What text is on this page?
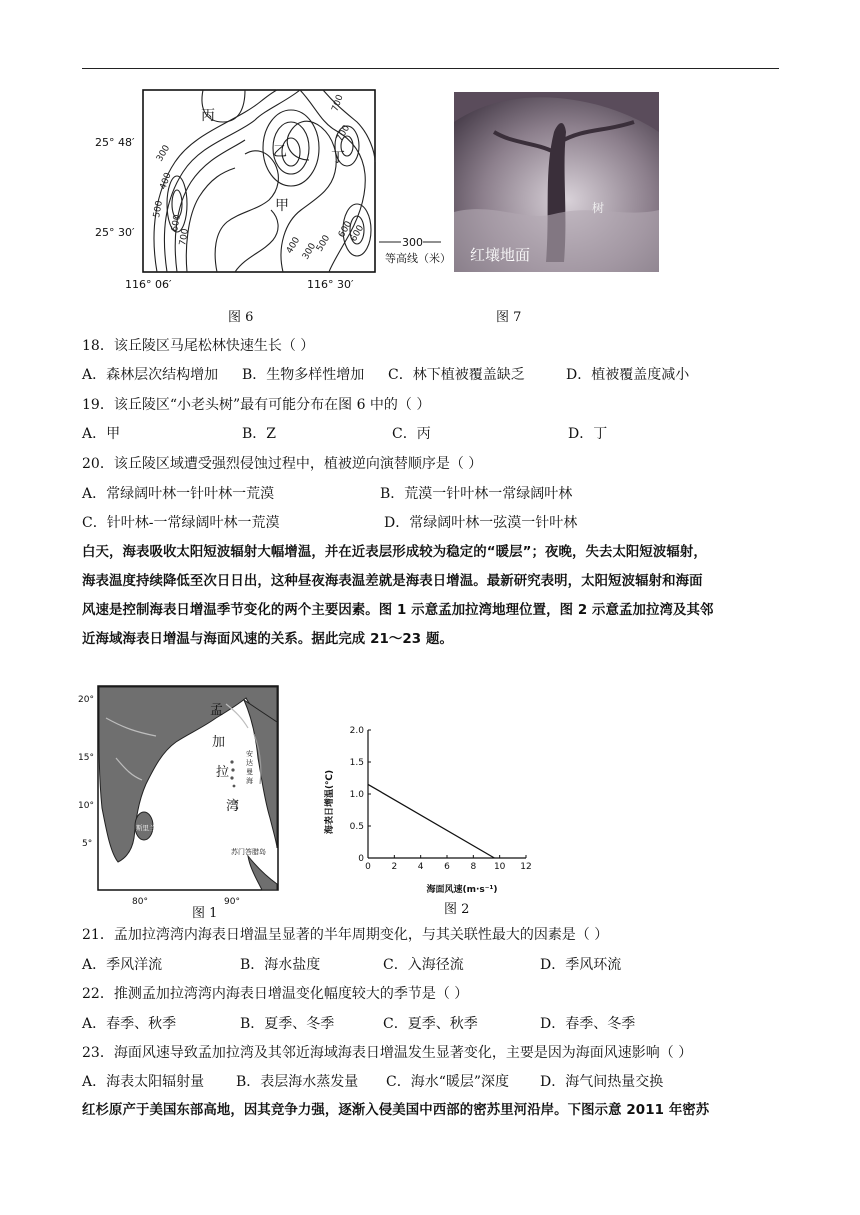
300
400
500
600
700
700
300
400 500
600
600
700
丙
乙	丁
甲
25° 48′
25° 30′
116° 06′	116° 30′
300
等高线（米）
图 6
树
红壤地面
图 7
18．该丘陵区马尾松林快速生长（ ）
A．森林层次结构增加 B．生物多样性增加 C．林下植被覆盖缺乏	D．植被覆盖度减小
19．该丘陵区“小老头树”最有可能分布在图 6 中的（ ）
A．甲	B．Z	C．丙	D．丁
20．该丘陵区域遭受强烈侵蚀过程中，植被逆向演替顺序是（ ）
A．常绿阔叶林一针叶林一荒漠	B．荒漠一针叶林一常绿阔叶林
C．针叶林-一常绿阔叶林一荒漠	D．常绿阔叶林一弦漠一针叶林
白天，海表吸收太阳短波辐射大幅增温，并在近表层形成较为稳定的“暖层”；夜晚，失去太阳短波辐射，
海表温度持续降低至次日日出，这种昼夜海表温差就是海表日增温。最新研究表明，太阳短波辐射和海面
风速是控制海表日增温季节变化的两个主要因素。图 1 示意孟加拉湾地理位置，图 2 示意孟加拉湾及其邻
近海域海表日增温与海面风速的关系。据此完成 21～23 题。
20°
15°
10°
5°
80°	90°
孟
加
拉
湾
安
达
曼
海
斯里兰卡
苏门答腊岛
图 1
0 2 4 6 8 10 12
0
0.5
1.0
1.5
2.0
海面风速(m·s⁻¹)
海表日增温(℃)
图 2
21．孟加拉湾湾内海表日增温呈显著的半年周期变化，与其关联性最大的因素是（ ）
A．季风洋流	B．海水盐度	C．入海径流	D．季风环流
22．推测孟加拉湾湾内海表日增温变化幅度较大的季节是（ ）
A．春季、秋季	B．夏季、冬季	C．夏季、秋季	D．春季、冬季
23．海面风速导致孟加拉湾及其邻近海域海表日增温发生显著变化，主要是因为海面风速影响（ ）
A．海表太阳辐射量 B．表层海水蒸发量 C．海水“暖层”深度 D．海气间热量交换
红杉原产于美国东部高地，因其竞争力强，逐渐入侵美国中西部的密苏里河沿岸。下图示意 2011 年密苏
